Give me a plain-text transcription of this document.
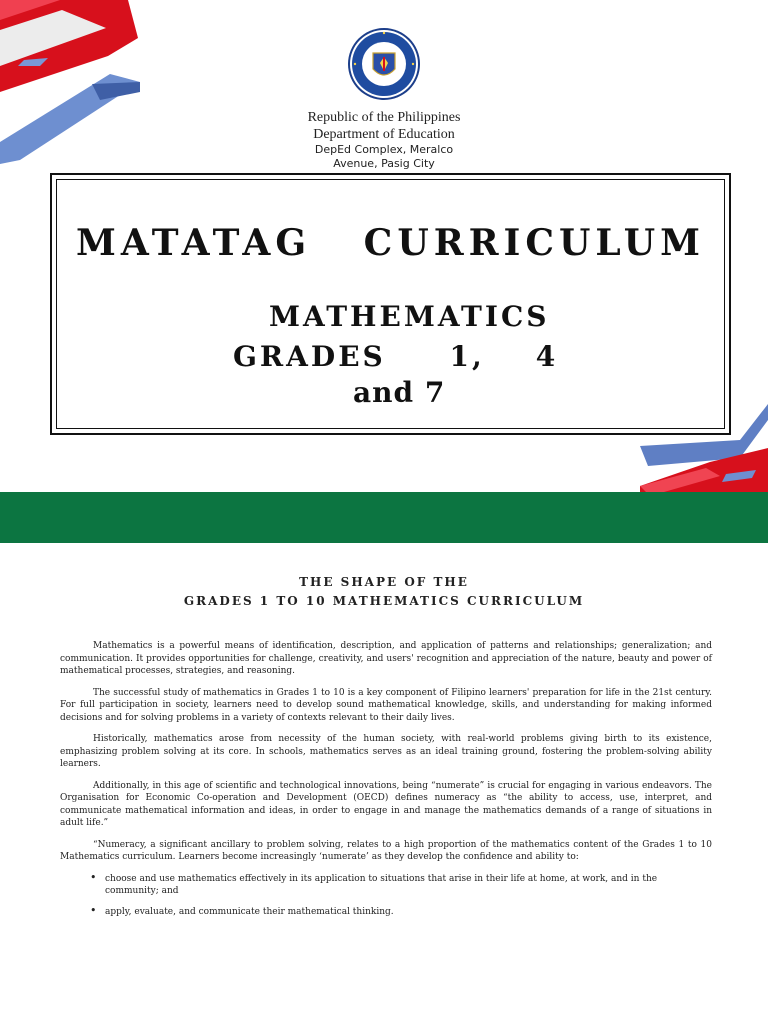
Republic of the Philippines
Department of Education
DepEd Complex, Meralco
Avenue, Pasig City
MATATAG   CURRICULUM
MATHEMATICS
GRADES     1,    4
and 7
THE SHAPE OF THE
GRADES 1 TO 10 MATHEMATICS CURRICULUM

Mathematics is a powerful means of identification, description, and application of patterns and relationships; generalization; and communication. It provides opportunities for challenge, creativity, and users' recognition and appreciation of the nature, beauty and power of mathematical processes, strategies, and reasoning.

The successful study of mathematics in Grades 1 to 10 is a key component of Filipino learners' preparation for life in the 21st century. For full participation in society, learners need to develop sound mathematical knowledge, skills, and understanding for making informed decisions and for solving problems in a variety of contexts relevant to their daily lives.

Historically, mathematics arose from necessity of the human society, with real-world problems giving birth to its existence, emphasizing problem solving at its core. In schools, mathematics serves as an ideal training ground, fostering the problem-solving ability learners.

Additionally, in this age of scientific and technological innovations, being “numerate” is crucial for engaging in various endeavors. The Organisation for Economic Co-operation and Development (OECD) defines numeracy as “the ability to access, use, interpret, and communicate mathematical information and ideas, in order to engage in and manage the mathematics demands of a range of situations in adult life.”

“Numeracy, a significant ancillary to problem solving, relates to a high proportion of the mathematics content of the Grades 1 to 10 Mathematics curriculum. Learners become increasingly ‘numerate’ as they develop the confidence and ability to:

• choose and use mathematics effectively in its application to situations that arise in their life at home, at work, and in the community; and
• apply, evaluate, and communicate their mathematical thinking.
